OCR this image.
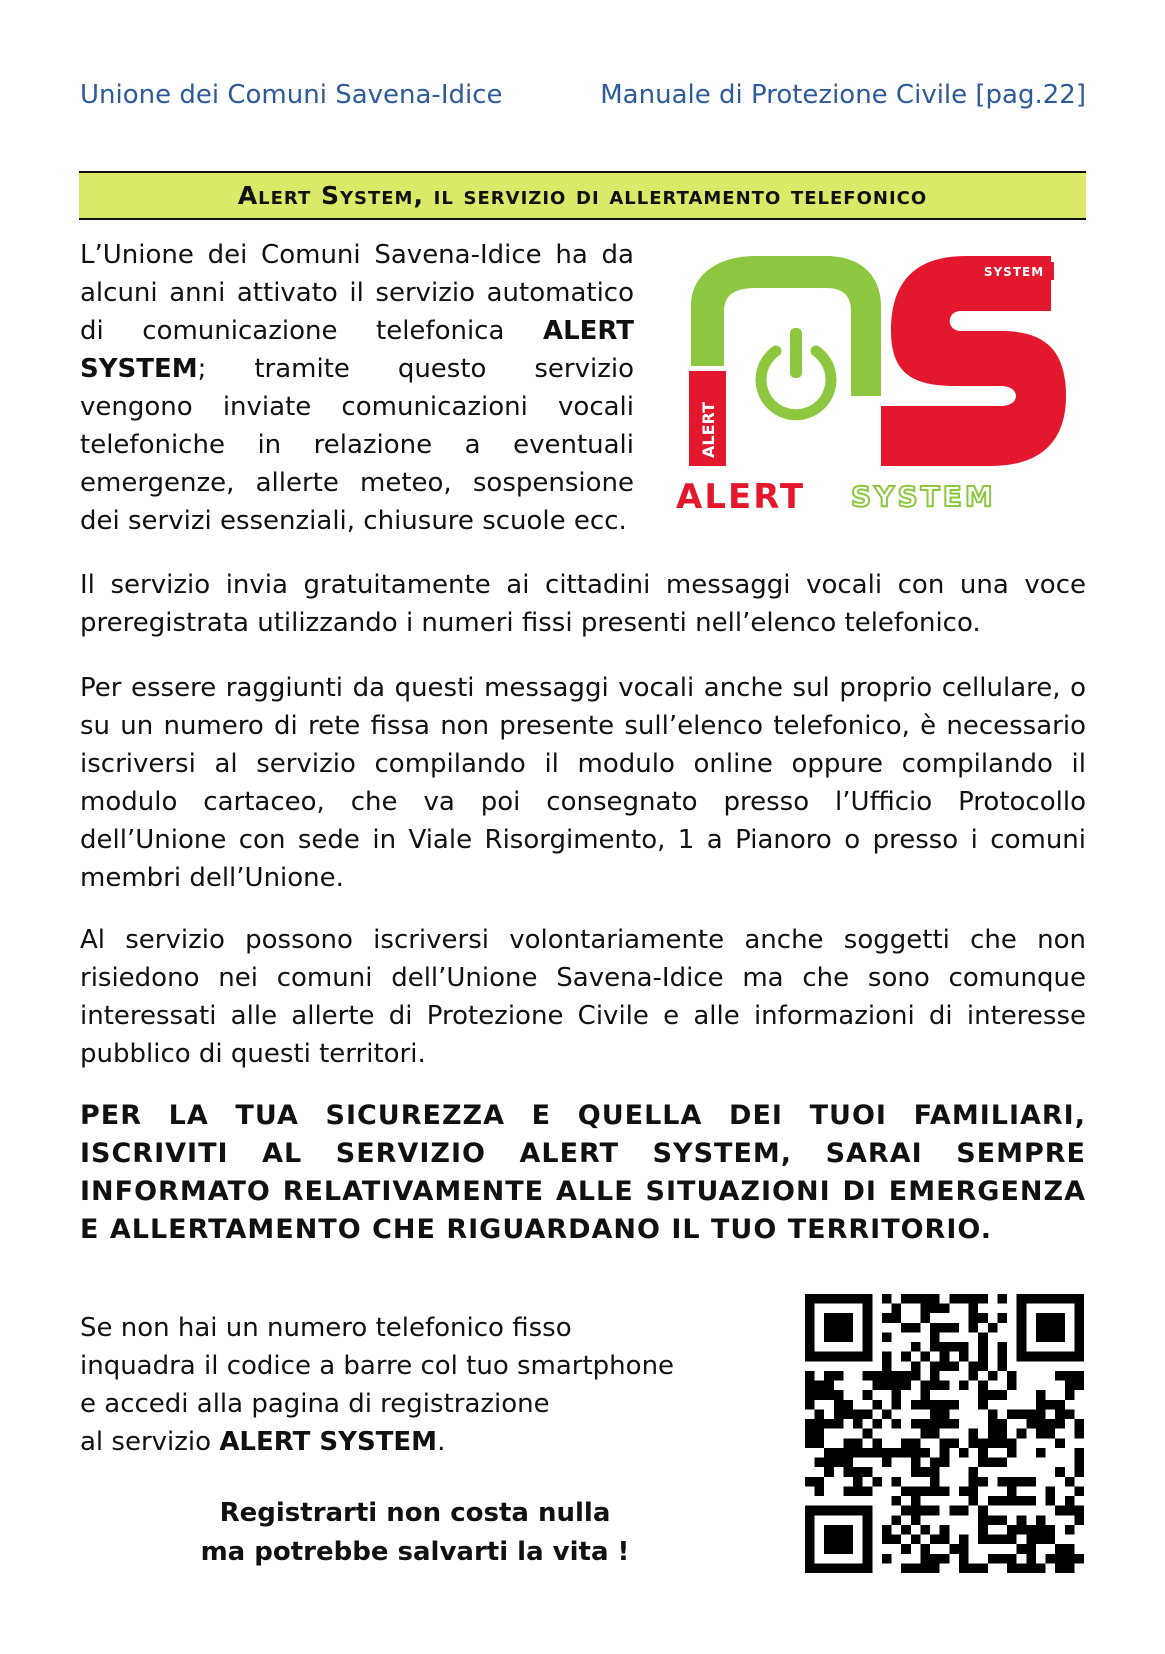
Unione dei Comuni Savena-Idice	Manuale di Protezione Civile [pag.22]
Alert System, il servizio di allertamento telefonico
ALERT
SYSTEM
ALERT SYSTEM

L’Unione dei Comuni Savena-Idice ha da alcuni anni attivato il servizio automatico di comunicazione telefonica ALERT SYSTEM; tramite questo servizio vengono inviate comunicazioni vocali telefoniche in relazione a eventuali emergenze, allerte meteo, sospensione dei servizi essenziali, chiusure scuole ecc.

Il servizio invia gratuitamente ai cittadini messaggi vocali con una voce preregistrata utilizzando i numeri fissi presenti nell’elenco telefonico.

Per essere raggiunti da questi messaggi vocali anche sul proprio cellulare, o su un numero di rete fissa non presente sull’elenco telefonico, è necessario iscriversi al servizio compilando il modulo online oppure compilando il modulo cartaceo, che va poi consegnato presso l’Ufficio Protocollo dell’Unione con sede in Viale Risorgimento, 1 a Pianoro o presso i comuni membri dell’Unione.

Al servizio possono iscriversi volontariamente anche soggetti che non risiedono nei comuni dell’Unione Savena-Idice ma che sono comunque interessati alle allerte di Protezione Civile e alle informazioni di interesse pubblico di questi territori.

PER LA TUA SICUREZZA E QUELLA DEI TUOI FAMILIARI, ISCRIVITI AL SERVIZIO ALERT SYSTEM, SARAI SEMPRE INFORMATO RELATIVAMENTE ALLE SITUAZIONI DI EMERGENZA E ALLERTAMENTO CHE RIGUARDANO IL TUO TERRITORIO.

Se non hai un numero telefonico fisso

inquadra il codice a barre col tuo smartphone

e accedi alla pagina di registrazione

al servizio ALERT SYSTEM.

Registrarti non costa nulla
ma potrebbe salvarti la vita !
